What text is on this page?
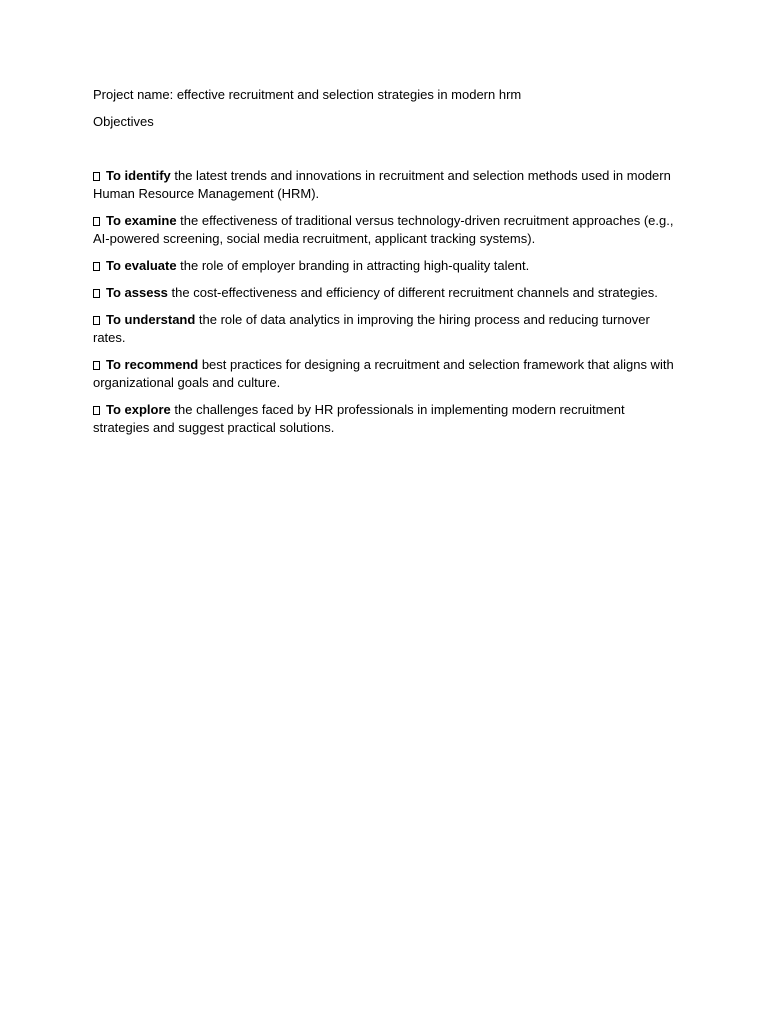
Project name: effective recruitment and selection strategies in modern hrm

Objectives

To identify the latest trends and innovations in recruitment and selection methods used in modern Human Resource Management (HRM).

To examine the effectiveness of traditional versus technology-driven recruitment approaches (e.g., AI-powered screening, social media recruitment, applicant tracking systems).

To evaluate the role of employer branding in attracting high-quality talent.

To assess the cost-effectiveness and efficiency of different recruitment channels and strategies.

To understand the role of data analytics in improving the hiring process and reducing turnover rates.

To recommend best practices for designing a recruitment and selection framework that aligns with organizational goals and culture.

To explore the challenges faced by HR professionals in implementing modern recruitment strategies and suggest practical solutions.
